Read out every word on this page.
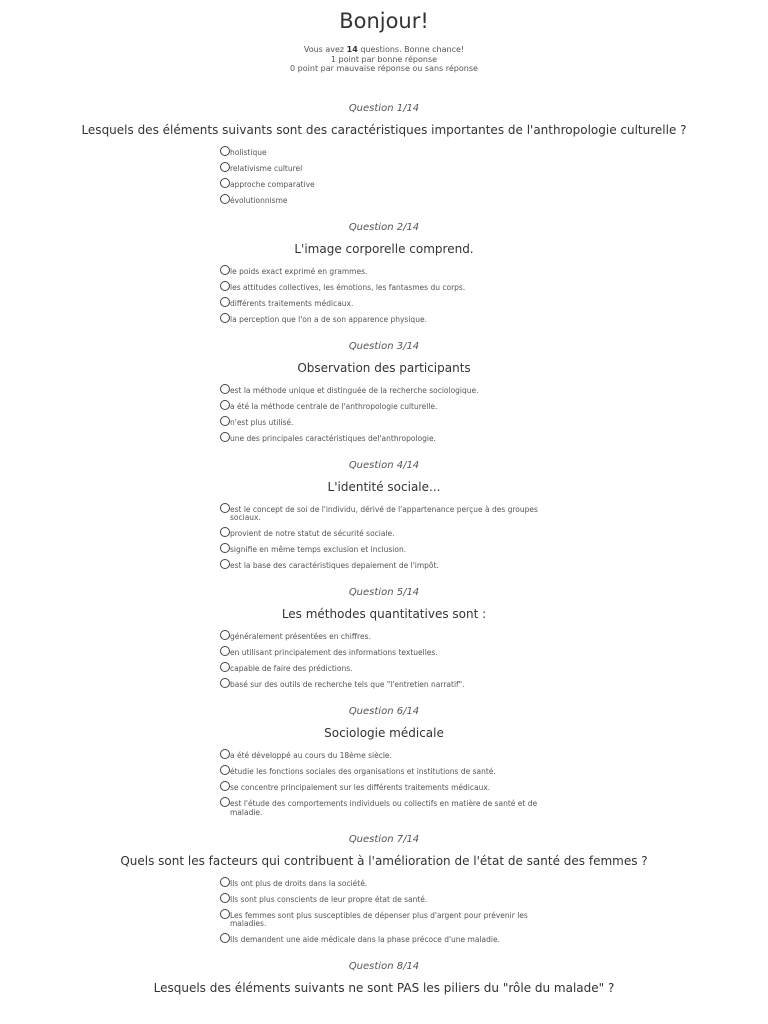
Bonjour!
Vous avez 14 questions. Bonne chance!
1 point par bonne réponse
0 point par mauvaise réponse ou sans réponse
Question 1/14
Lesquels des éléments suivants sont des caractéristiques importantes de l'anthropologie culturelle ?
holistique
relativisme culturel
approche comparative
évolutionnisme
Question 2/14
L'image corporelle comprend.
le poids exact exprimé en grammes.
les attitudes collectives, les émotions, les fantasmes du corps.
différents traitements médicaux.
la perception que l'on a de son apparence physique.
Question 3/14
Observation des participants
est la méthode unique et distinguée de la recherche sociologique.
a été la méthode centrale de l'anthropologie culturelle.
n'est plus utilisé.
une des principales caractéristiques del'anthropologie.
Question 4/14
L'identité sociale...
est le concept de soi de l'individu, dérivé de l'appartenance perçue à des groupes sociaux.
provient de notre statut de sécurité sociale.
signifie en même temps exclusion et inclusion.
est la base des caractéristiques depaiement de l'impôt.
Question 5/14
Les méthodes quantitatives sont :
généralement présentées en chiffres.
en utilisant principalement des informations textuelles.
capable de faire des prédictions.
basé sur des outils de recherche tels que "l'entretien narratif".
Question 6/14
Sociologie médicale
a été développé au cours du 18ème siècle.
étudie les fonctions sociales des organisations et institutions de santé.
se concentre principalement sur les différents traitements médicaux.
est l'étude des comportements individuels ou collectifs en matière de santé et de maladie.
Question 7/14
Quels sont les facteurs qui contribuent à l'amélioration de l'état de santé des femmes ?
Ils ont plus de droits dans la société.
Ils sont plus conscients de leur propre état de santé.
Les femmes sont plus susceptibles de dépenser plus d'argent pour prévenir les maladies.
Ils demandent une aide médicale dans la phase précoce d'une maladie.
Question 8/14
Lesquels des éléments suivants ne sont PAS les piliers du "rôle du malade" ?
